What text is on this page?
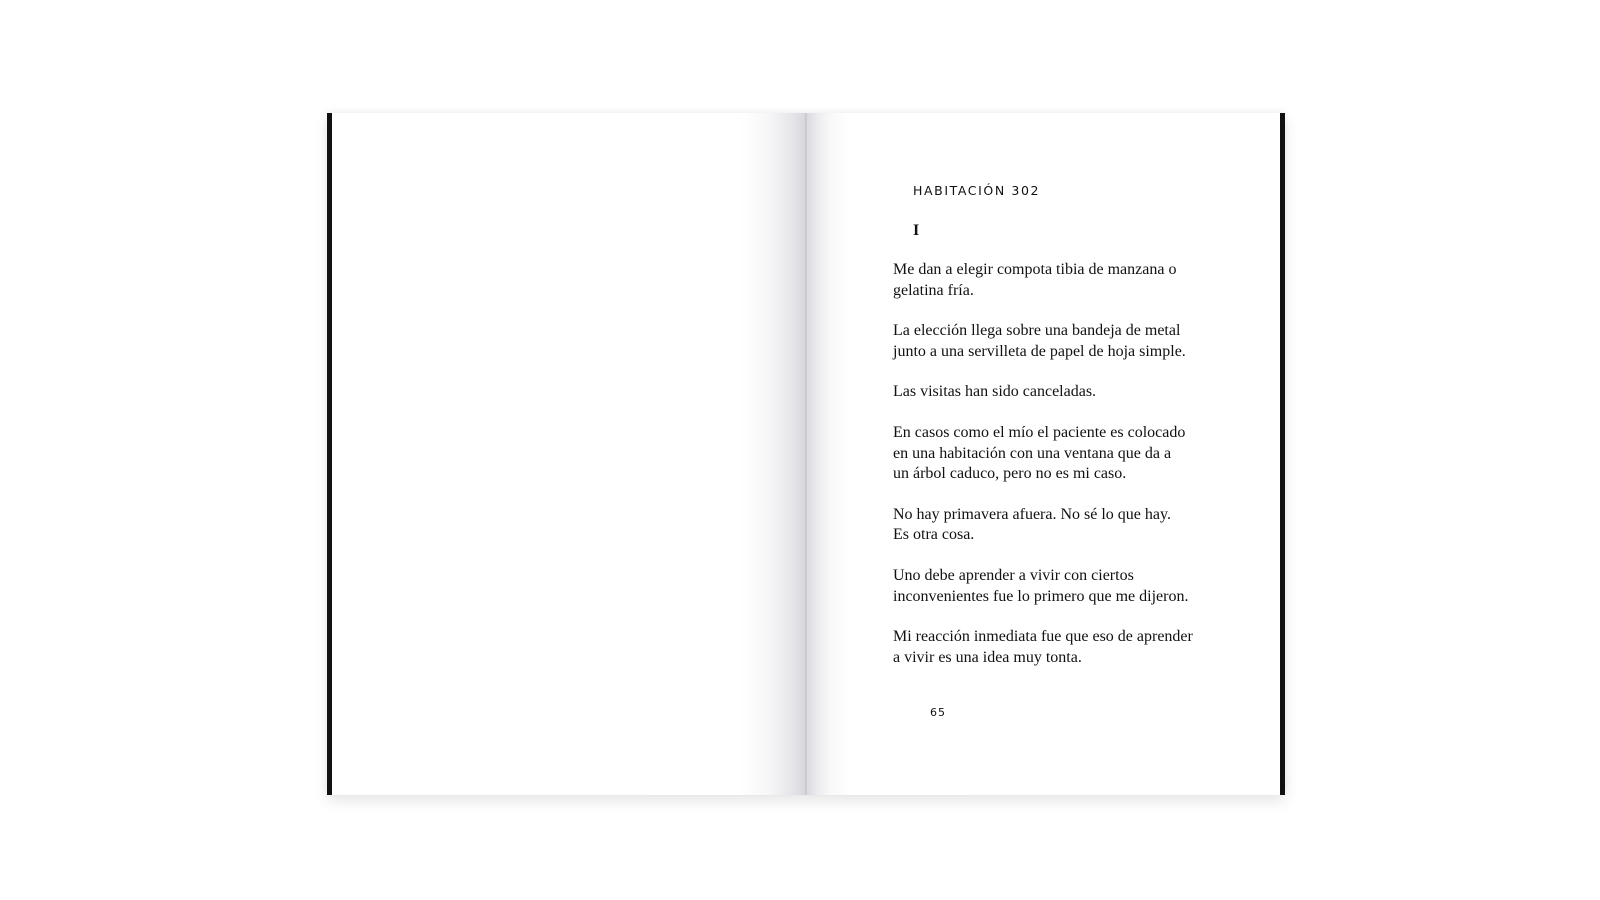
HABITACIÓN 302
I
Me dan a elegir compota tibia de manzana o
gelatina fría.
La elección llega sobre una bandeja de metal
junto a una servilleta de papel de hoja simple.
Las visitas han sido canceladas.
En casos como el mío el paciente es colocado
en una habitación con una ventana que da a
un árbol caduco, pero no es mi caso.
No hay primavera afuera. No sé lo que hay.
Es otra cosa.
Uno debe aprender a vivir con ciertos
inconvenientes fue lo primero que me dijeron.
Mi reacción inmediata fue que eso de aprender
a vivir es una idea muy tonta.
65
